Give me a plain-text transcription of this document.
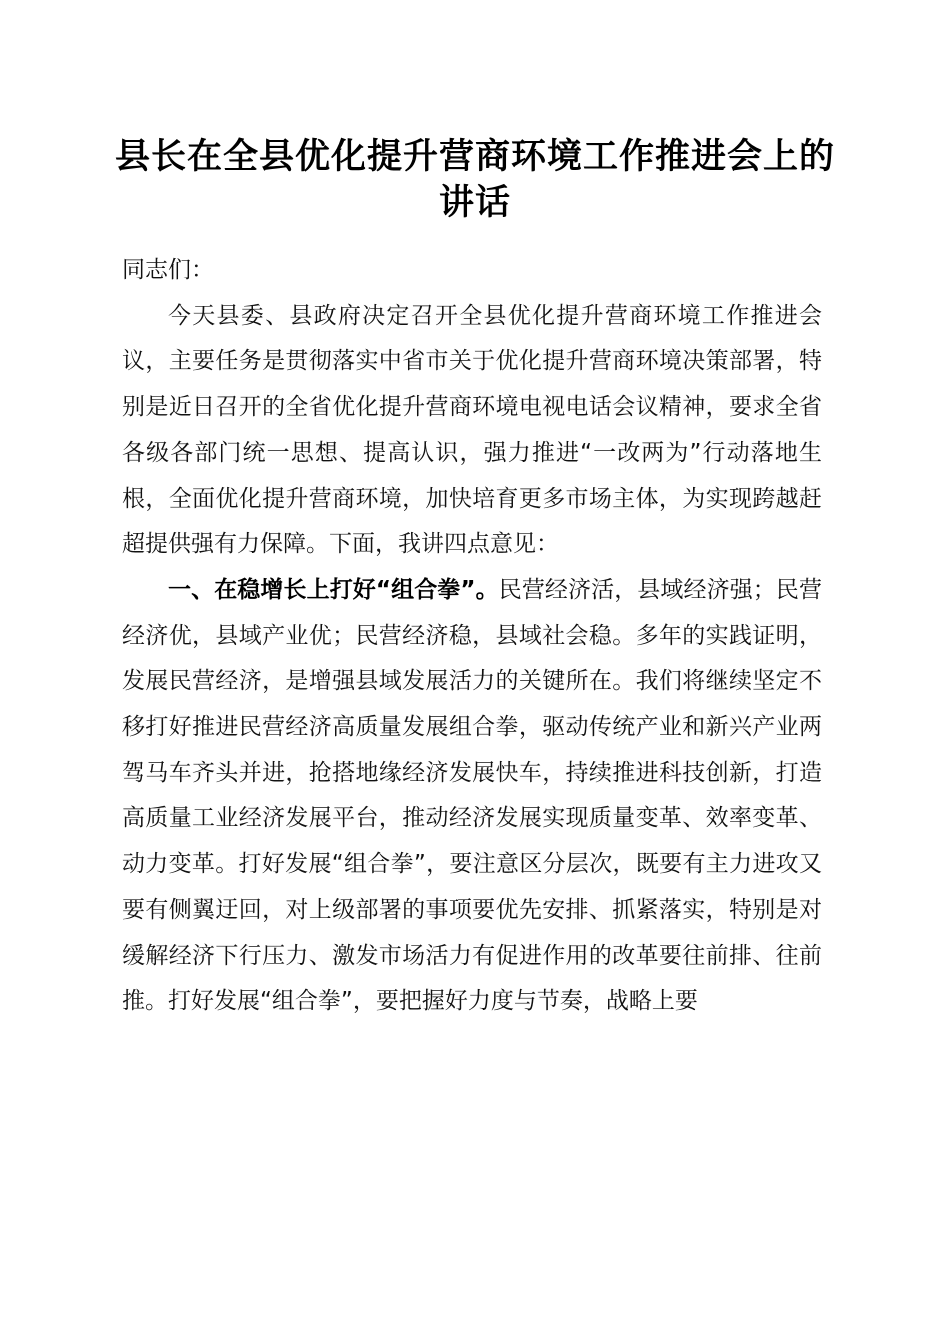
县长在全县优化提升营商环境工作推进会上的讲话

同志们：

今天县委、县政府决定召开全县优化提升营商环境工作推进会议，主要任务是贯彻落实中省市关于优化提升营商环境决策部署，特别是近日召开的全省优化提升营商环境电视电话会议精神，要求全省各级各部门统一思想、提高认识，强力推进“一改两为”行动落地生根，全面优化提升营商环境，加快培育更多市场主体，为实现跨越赶超提供强有力保障。下面，我讲四点意见：

一、在稳增长上打好“组合拳”。民营经济活，县域经济强；民营经济优，县域产业优；民营经济稳，县域社会稳。多年的实践证明，发展民营经济，是增强县域发展活力的关键所在。我们将继续坚定不移打好推进民营经济高质量发展组合拳，驱动传统产业和新兴产业两驾马车齐头并进，抢搭地缘经济发展快车，持续推进科技创新，打造高质量工业经济发展平台，推动经济发展实现质量变革、效率变革、动力变革。打好发展“组合拳”，要注意区分层次，既要有主力进攻又要有侧翼迂回，对上级部署的事项要优先安排、抓紧落实，特别是对缓解经济下行压力、激发市场活力有促进作用的改革要往前排、往前推。打好发展“组合拳”，要把握好力度与节奏，战略上要
